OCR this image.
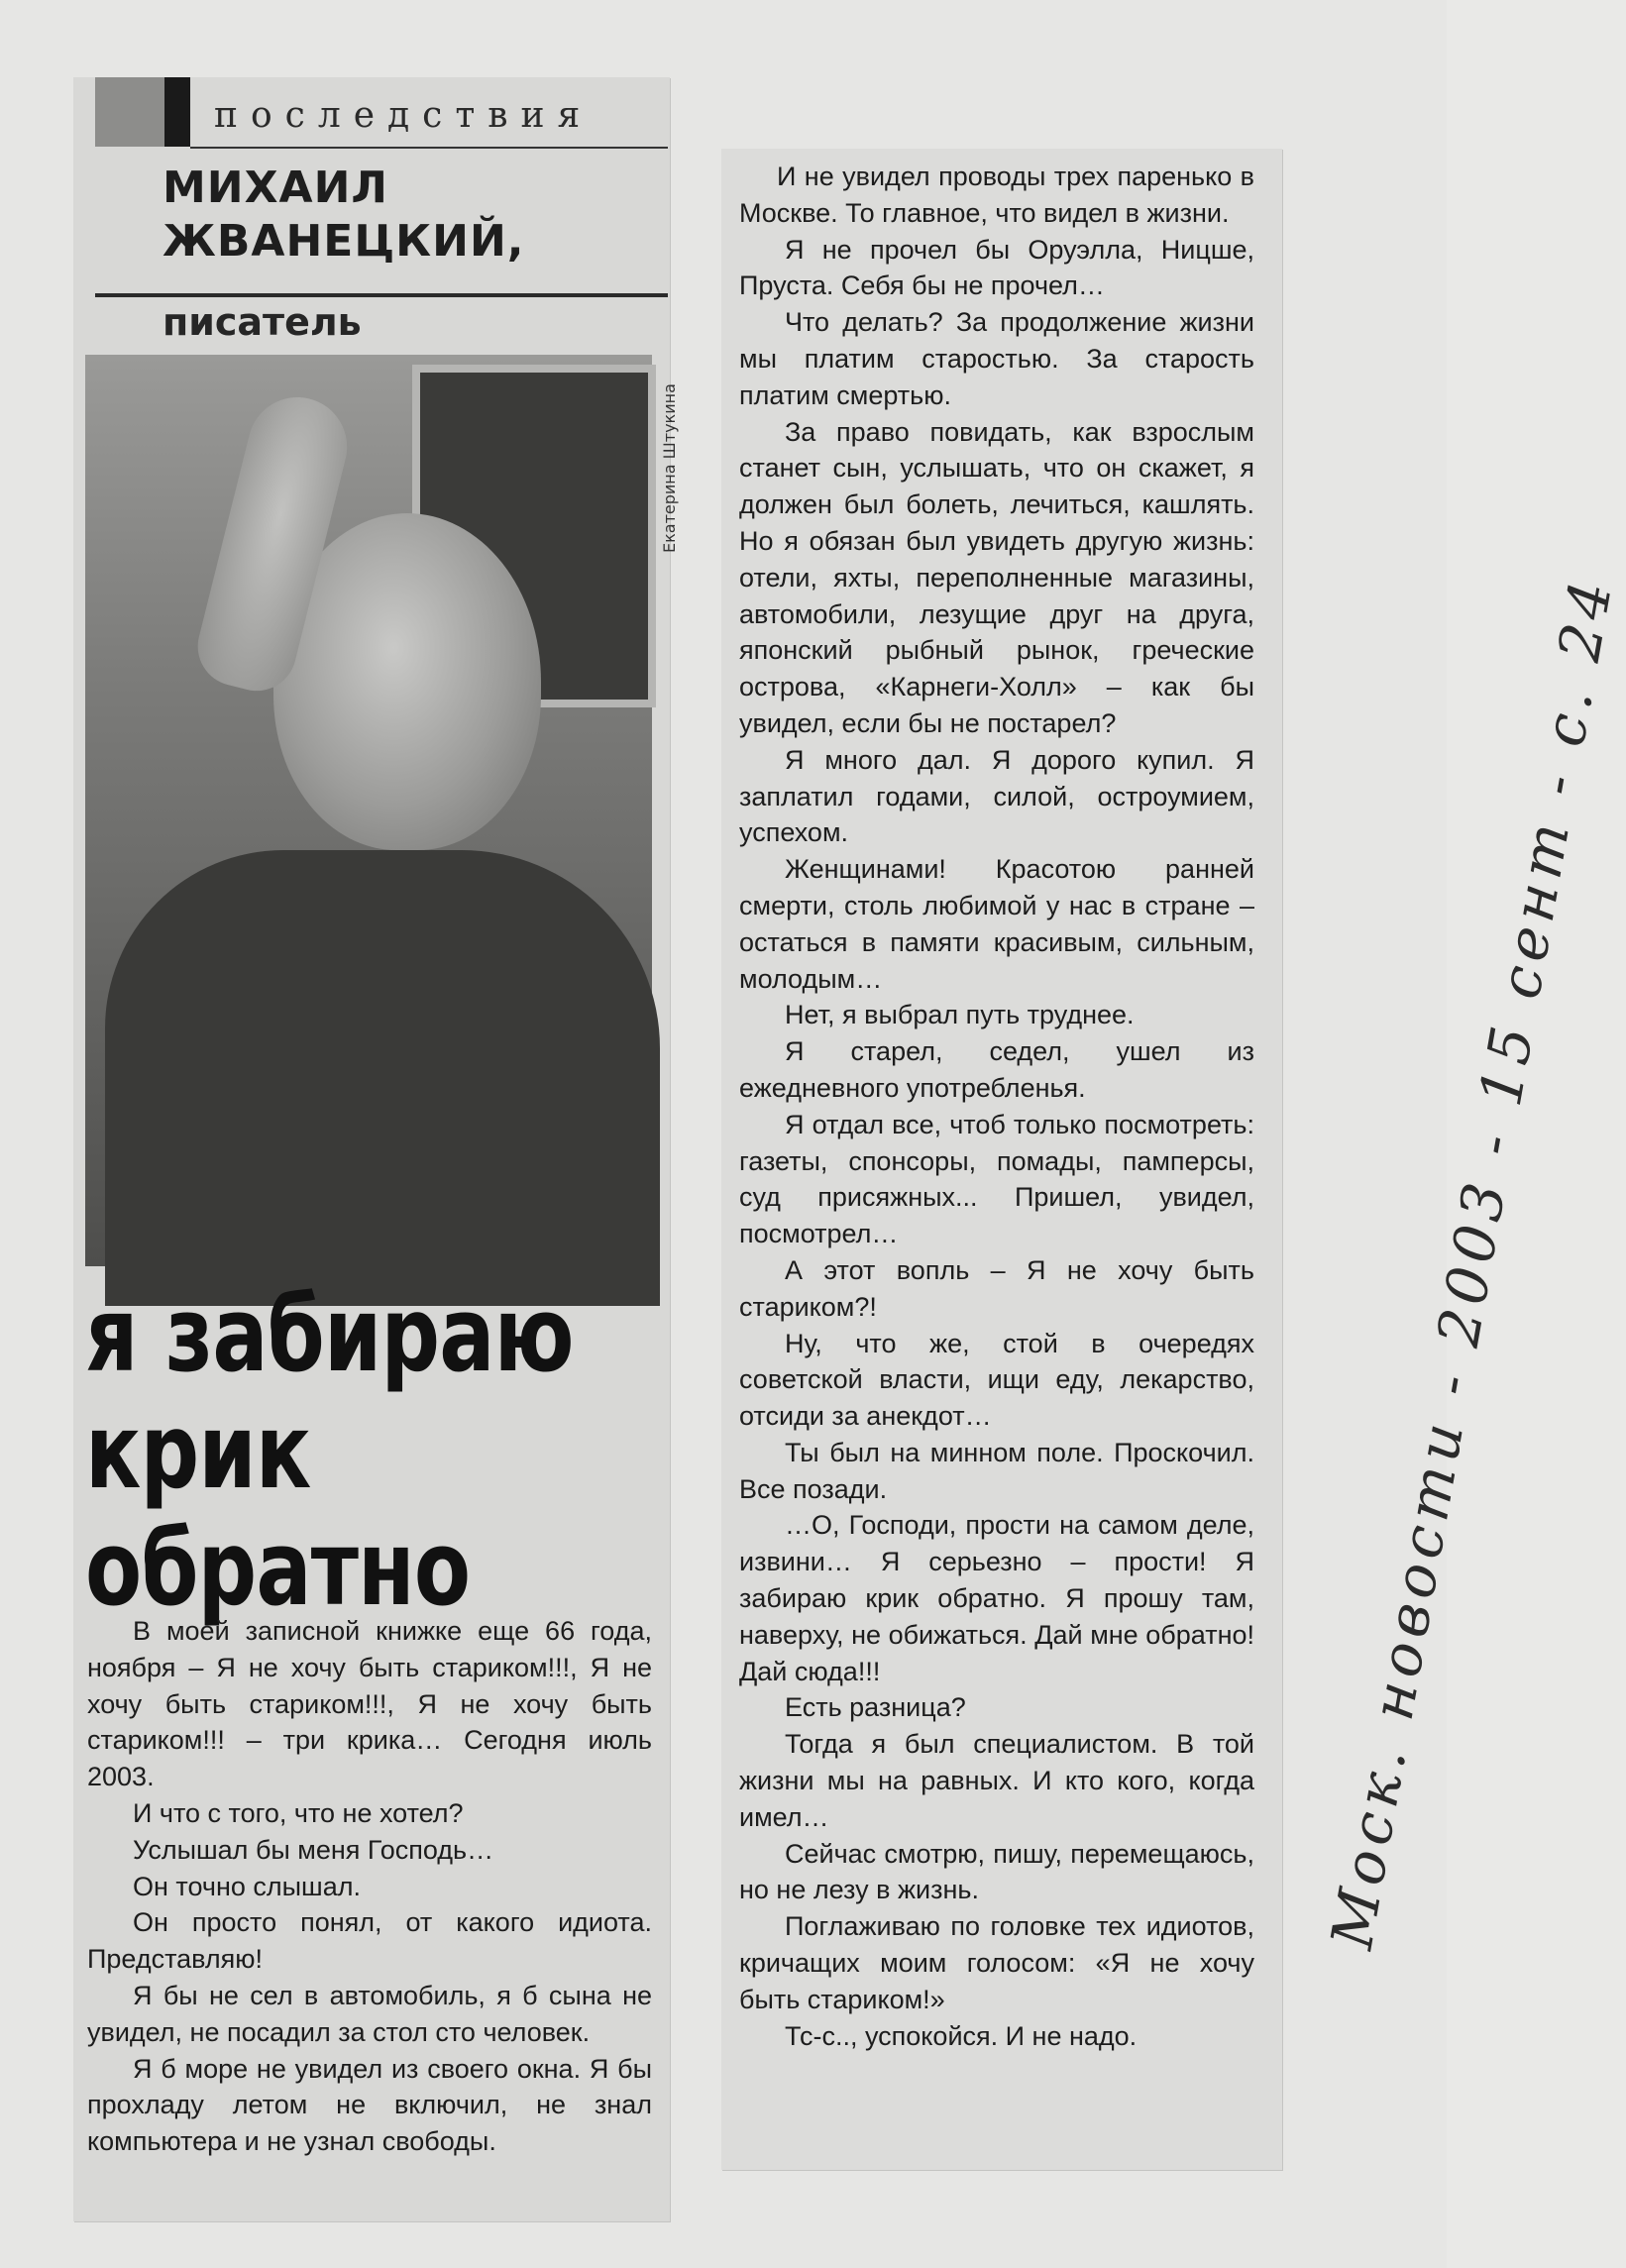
последствия
МИХАИЛ
ЖВАНЕЦКИЙ,
писатель
Екатерина Штукина
я забираю
крик
обратно

В моей записной книжке еще 66 года, ноября – Я не хочу быть стариком!!!, Я не хочу быть стариком!!!, Я не хочу быть стариком!!! – три крика… Сегодня июль 2003.

И что с того, что не хотел?

Услышал бы меня Господь…

Он точно слышал.

Он просто понял, от какого идиота. Представляю!

Я бы не сел в автомобиль, я б сына не увидел, не посадил за стол сто человек.

Я б море не увидел из своего окна. Я бы прохладу летом не включил, не знал компьютера и не узнал свободы.

И не увидел проводы трех паренько в Москве. То главное, что видел в жизни.

Я не прочел бы Оруэлла, Ницше, Пруста. Себя бы не прочел…

Что делать? За продолжение жизни мы платим старостью. За старость платим смертью.

За право повидать, как взрослым станет сын, услышать, что он скажет, я должен был болеть, лечиться, кашлять. Но я обязан был увидеть другую жизнь: отели, яхты, переполненные магазины, автомобили, лезущие друг на друга, японский рыбный рынок, греческие острова, «Карнеги-Холл» – как бы увидел, если бы не постарел?

Я много дал. Я дорого купил. Я заплатил годами, силой, остроумием, успехом.

Женщинами! Красотою ранней смерти, столь любимой у нас в стране – остаться в памяти красивым, сильным, молодым…

Нет, я выбрал путь труднее.

Я старел, седел, ушел из ежедневного употребленья.

Я отдал все, чтоб только посмотреть: газеты, спонсоры, помады, памперсы, суд присяжных... Пришел, увидел, посмотрел…

А этот вопль – Я не хочу быть стариком?!

Ну, что же, стой в очередях советской власти, ищи еду, лекарство, отсиди за анекдот…

Ты был на минном поле. Проскочил. Все позади.

…О, Господи, прости на самом деле, извини… Я серьезно – прости! Я забираю крик обратно. Я прошу там, наверху, не обижаться. Дай мне обратно! Дай сюда!!!

Есть разница?

Тогда я был специалистом. В той жизни мы на равных. И кто кого, когда имел…

Сейчас смотрю, пишу, перемещаюсь, но не лезу в жизнь.

Поглаживаю по головке тех идиотов, кричащих моим голосом: «Я не хочу быть стариком!»

Тс-с.., успокойся. И не надо.

Моск. новости - 2003 - 15 сент - с. 24
